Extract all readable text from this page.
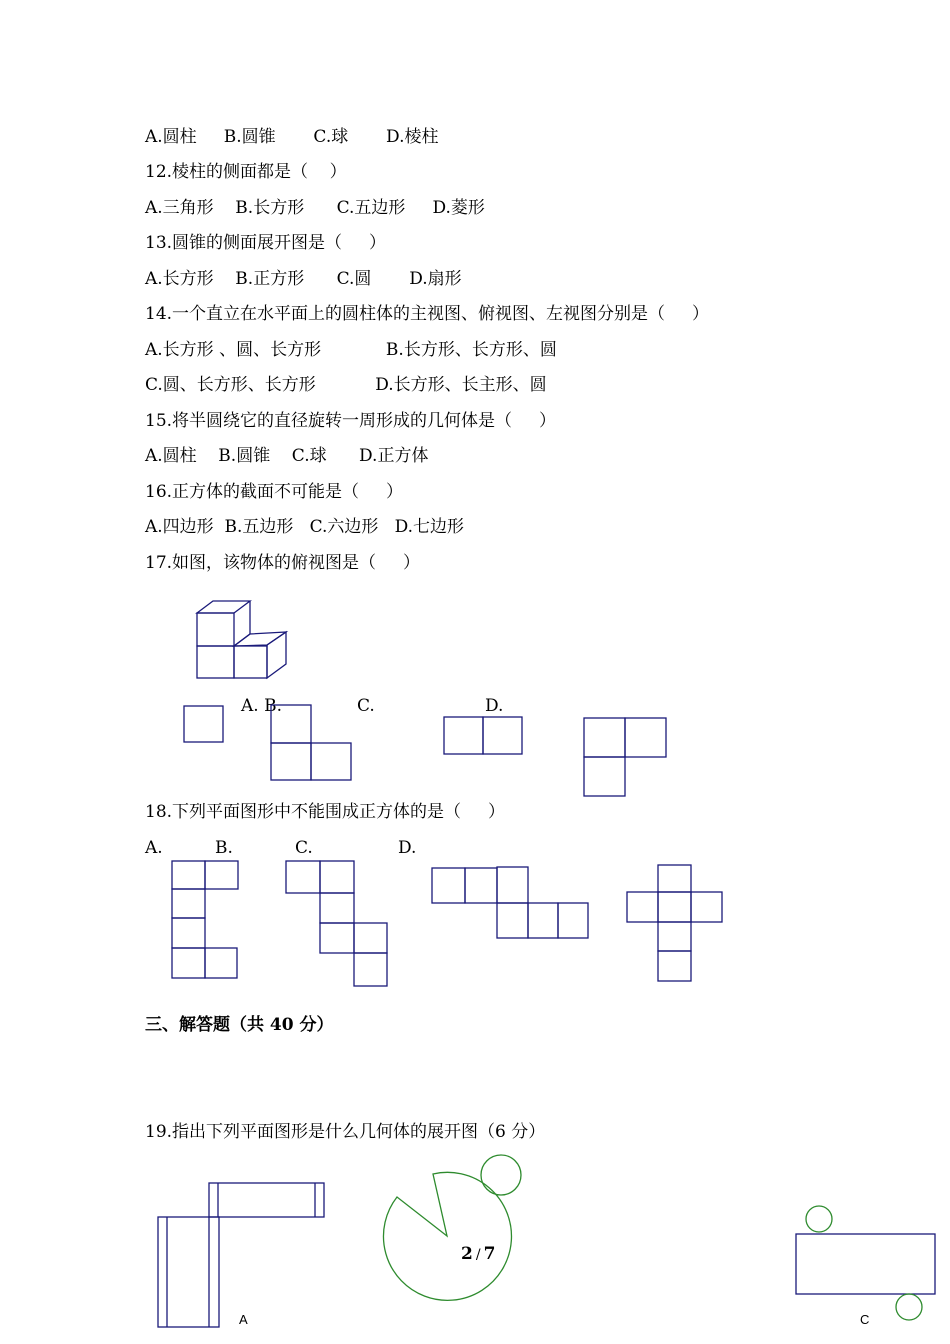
A.圆柱     B.圆锥       C.球       D.棱柱
12.棱柱的侧面都是（    ）
A.三角形    B.长方形      C.五边形     D.菱形
13.圆锥的侧面展开图是（     ）
A.长方形    B.正方形      C.圆       D.扇形
14.一个直立在水平面上的圆柱体的主视图、俯视图、左视图分别是（     ）
A.长方形 、圆、长方形            B.长方形、长方形、圆
C.圆、长方形、长方形           D.长方形、长主形、圆
15.将半圆绕它的直径旋转一周形成的几何体是（     ）
A.圆柱    B.圆锥    C.球      D.正方体
16.正方体的截面不可能是（     ）
A.四边形  B.五边形   C.六边形   D.七边形
17.如图，该物体的俯视图是（     ）
A. B.	C.	D.
18.下列平面图形中不能围成正方体的是（     ）
A.	B.	C.	D.
三、解答题（共 40 分）
19.指出下列平面图形是什么几何体的展开图（6 分）
A	C
2 / 7
